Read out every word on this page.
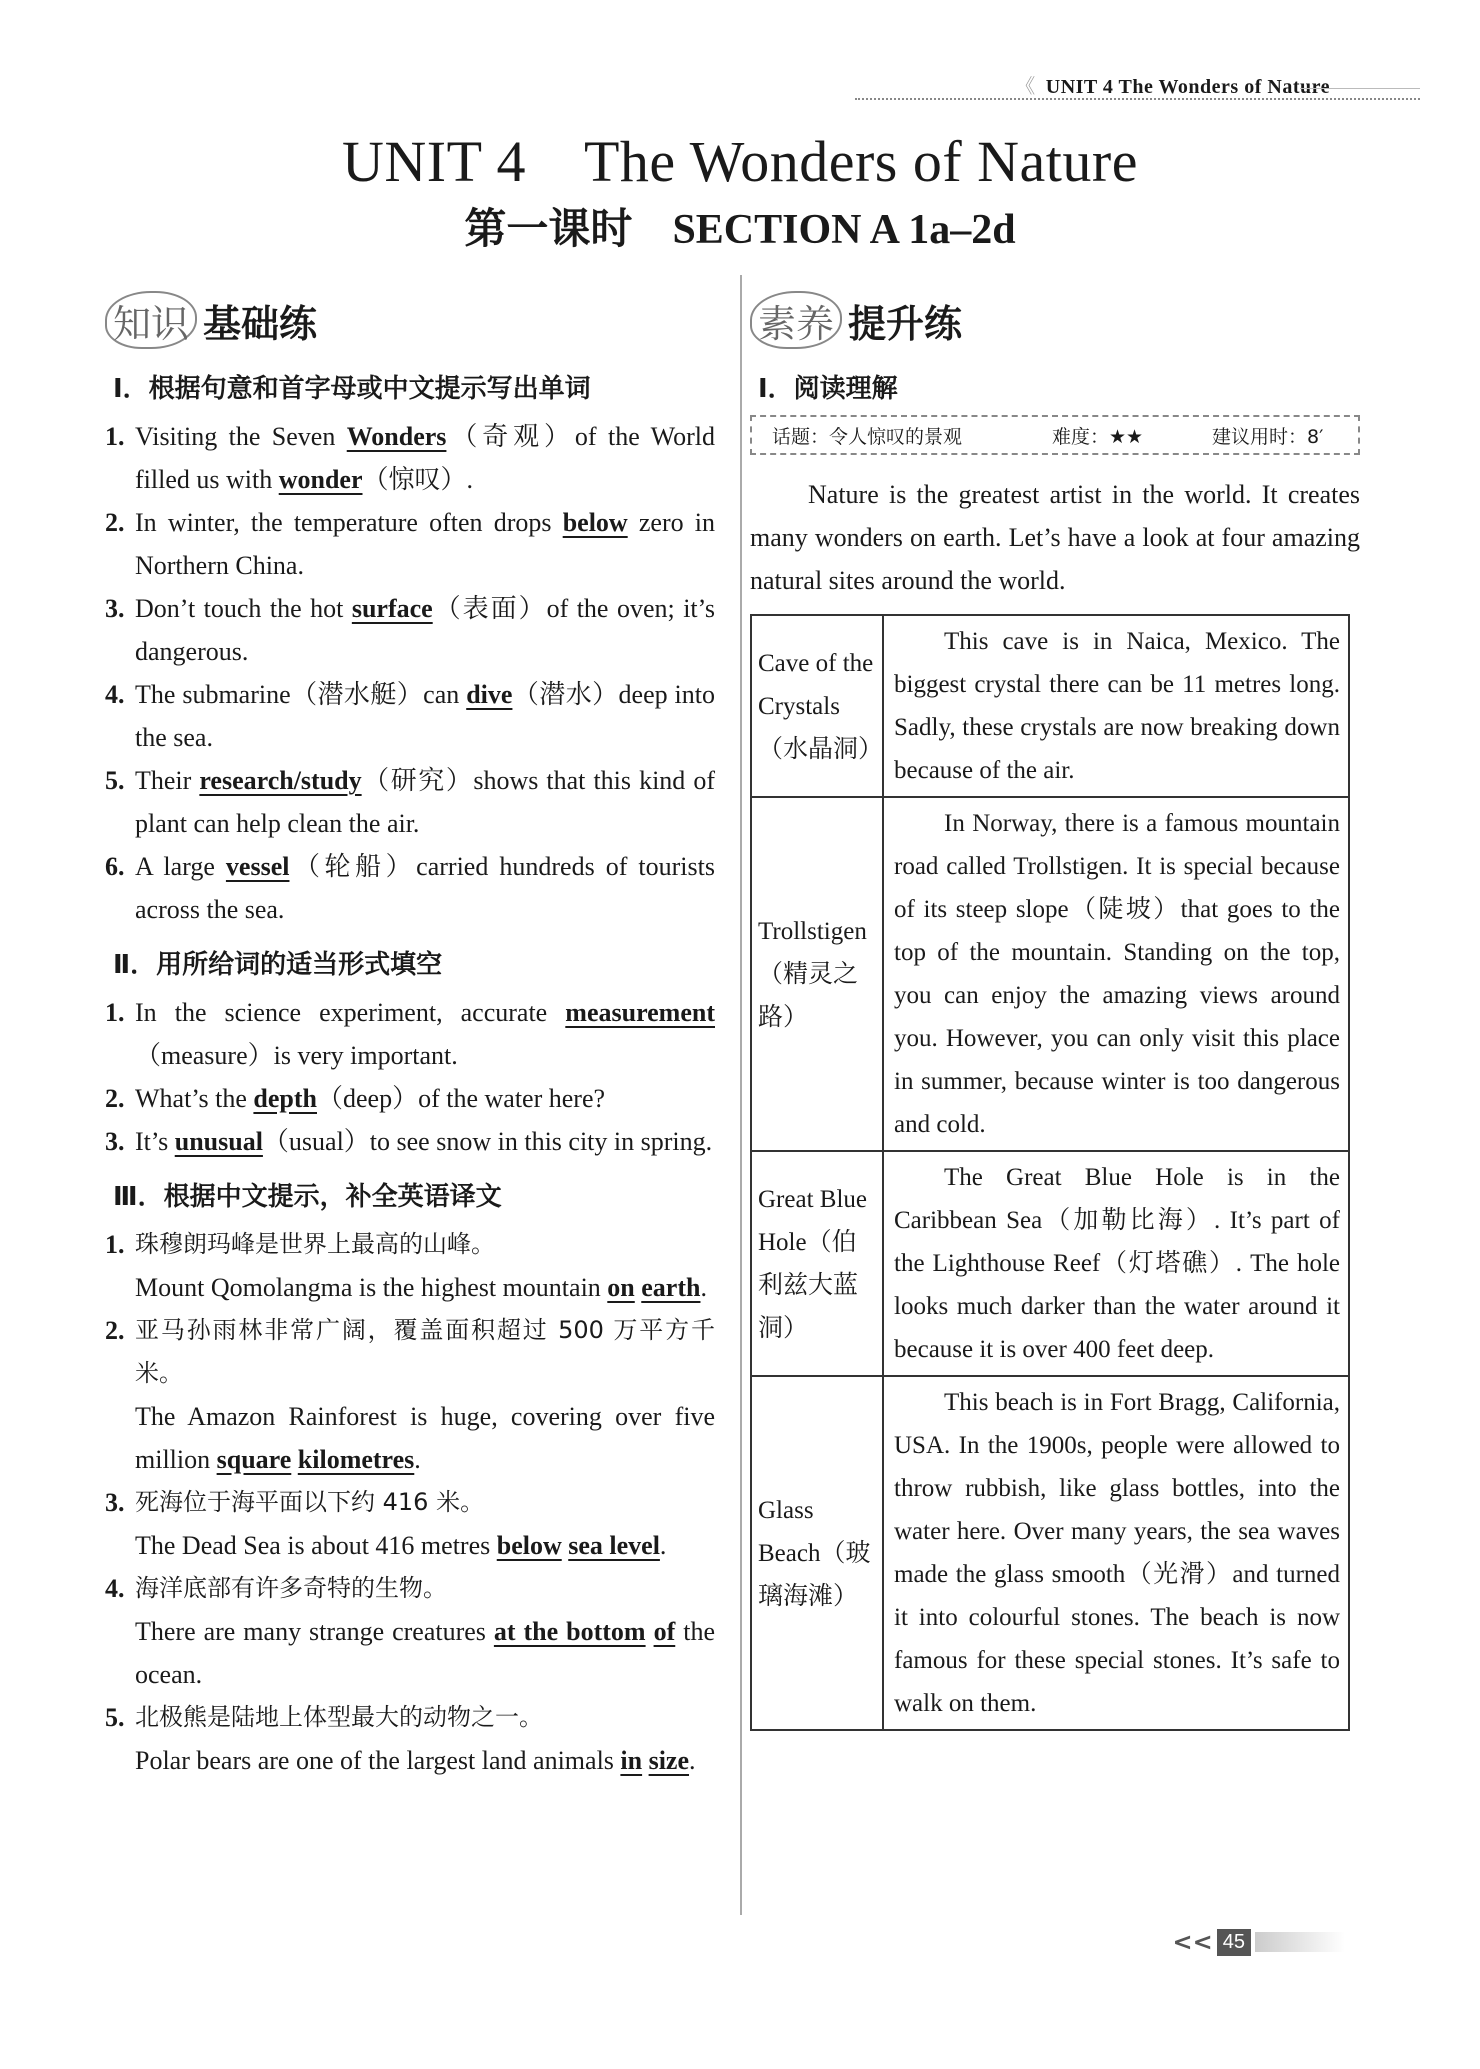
《 UNIT 4 The Wonders of Nature
UNIT 4 The Wonders of Nature
第一课时 SECTION A 1a–2d
知识 基础练
Ⅰ．根据句意和首字母或中文提示写出单词
1. Visiting the Seven Wonders（奇观）of the World filled us with wonder（惊叹）.
2. In winter, the temperature often drops below zero in Northern China.
3. Don’t touch the hot surface（表面）of the oven; it’s dangerous.
4. The submarine（潜水艇）can dive（潜水）deep into the sea.
5. Their research/study（研究）shows that this kind of plant can help clean the air.
6. A large vessel（轮船）carried hundreds of tourists across the sea.
Ⅱ．用所给词的适当形式填空
1. In the science experiment, accurate measurement（measure）is very important.
2. What’s the depth（deep）of the water here?
3. It’s unusual（usual）to see snow in this city in spring.
Ⅲ．根据中文提示，补全英语译文
1. 珠穆朗玛峰是世界上最高的山峰。
Mount Qomolangma is the highest mountain on earth.
2. 亚马孙雨林非常广阔，覆盖面积超过 500 万平方千米。
The Amazon Rainforest is huge, covering over five million square kilometres.
3. 死海位于海平面以下约 416 米。
The Dead Sea is about 416 metres below sea level.
4. 海洋底部有许多奇特的生物。
There are many strange creatures at the bottom of the ocean.
5. 北极熊是陆地上体型最大的动物之一。
Polar bears are one of the largest land animals in size.
素养 提升练
Ⅰ．阅读理解
话题：令人惊叹的景观	难度：★★	建议用时：8′
Nature is the greatest artist in the world. It creates many wonders on earth. Let’s have a look at four amazing natural sites around the world.
Cave of the Crystals（水晶洞）	This cave is in Naica, Mexico. The biggest crystal there can be 11 metres long. Sadly, these crystals are now breaking down because of the air.
Trollstigen（精灵之路）	In Norway, there is a famous mountain road called Trollstigen. It is special because of its steep slope（陡坡）that goes to the top of the mountain. Standing on the top, you can enjoy the amazing views around you. However, you can only visit this place in summer, because winter is too dangerous and cold.
Great Blue Hole（伯利兹大蓝洞）	The Great Blue Hole is in the Caribbean Sea（加勒比海）. It’s part of the Lighthouse Reef（灯塔礁）. The hole looks much darker than the water around it because it is over 400 feet deep.
Glass Beach（玻璃海滩）	This beach is in Fort Bragg, California, USA. In the 1900s, people were allowed to throw rubbish, like glass bottles, into the water here. Over many years, the sea waves made the glass smooth（光滑）and turned it into colourful stones. The beach is now famous for these special stones. It’s safe to walk on them.
<< 45
